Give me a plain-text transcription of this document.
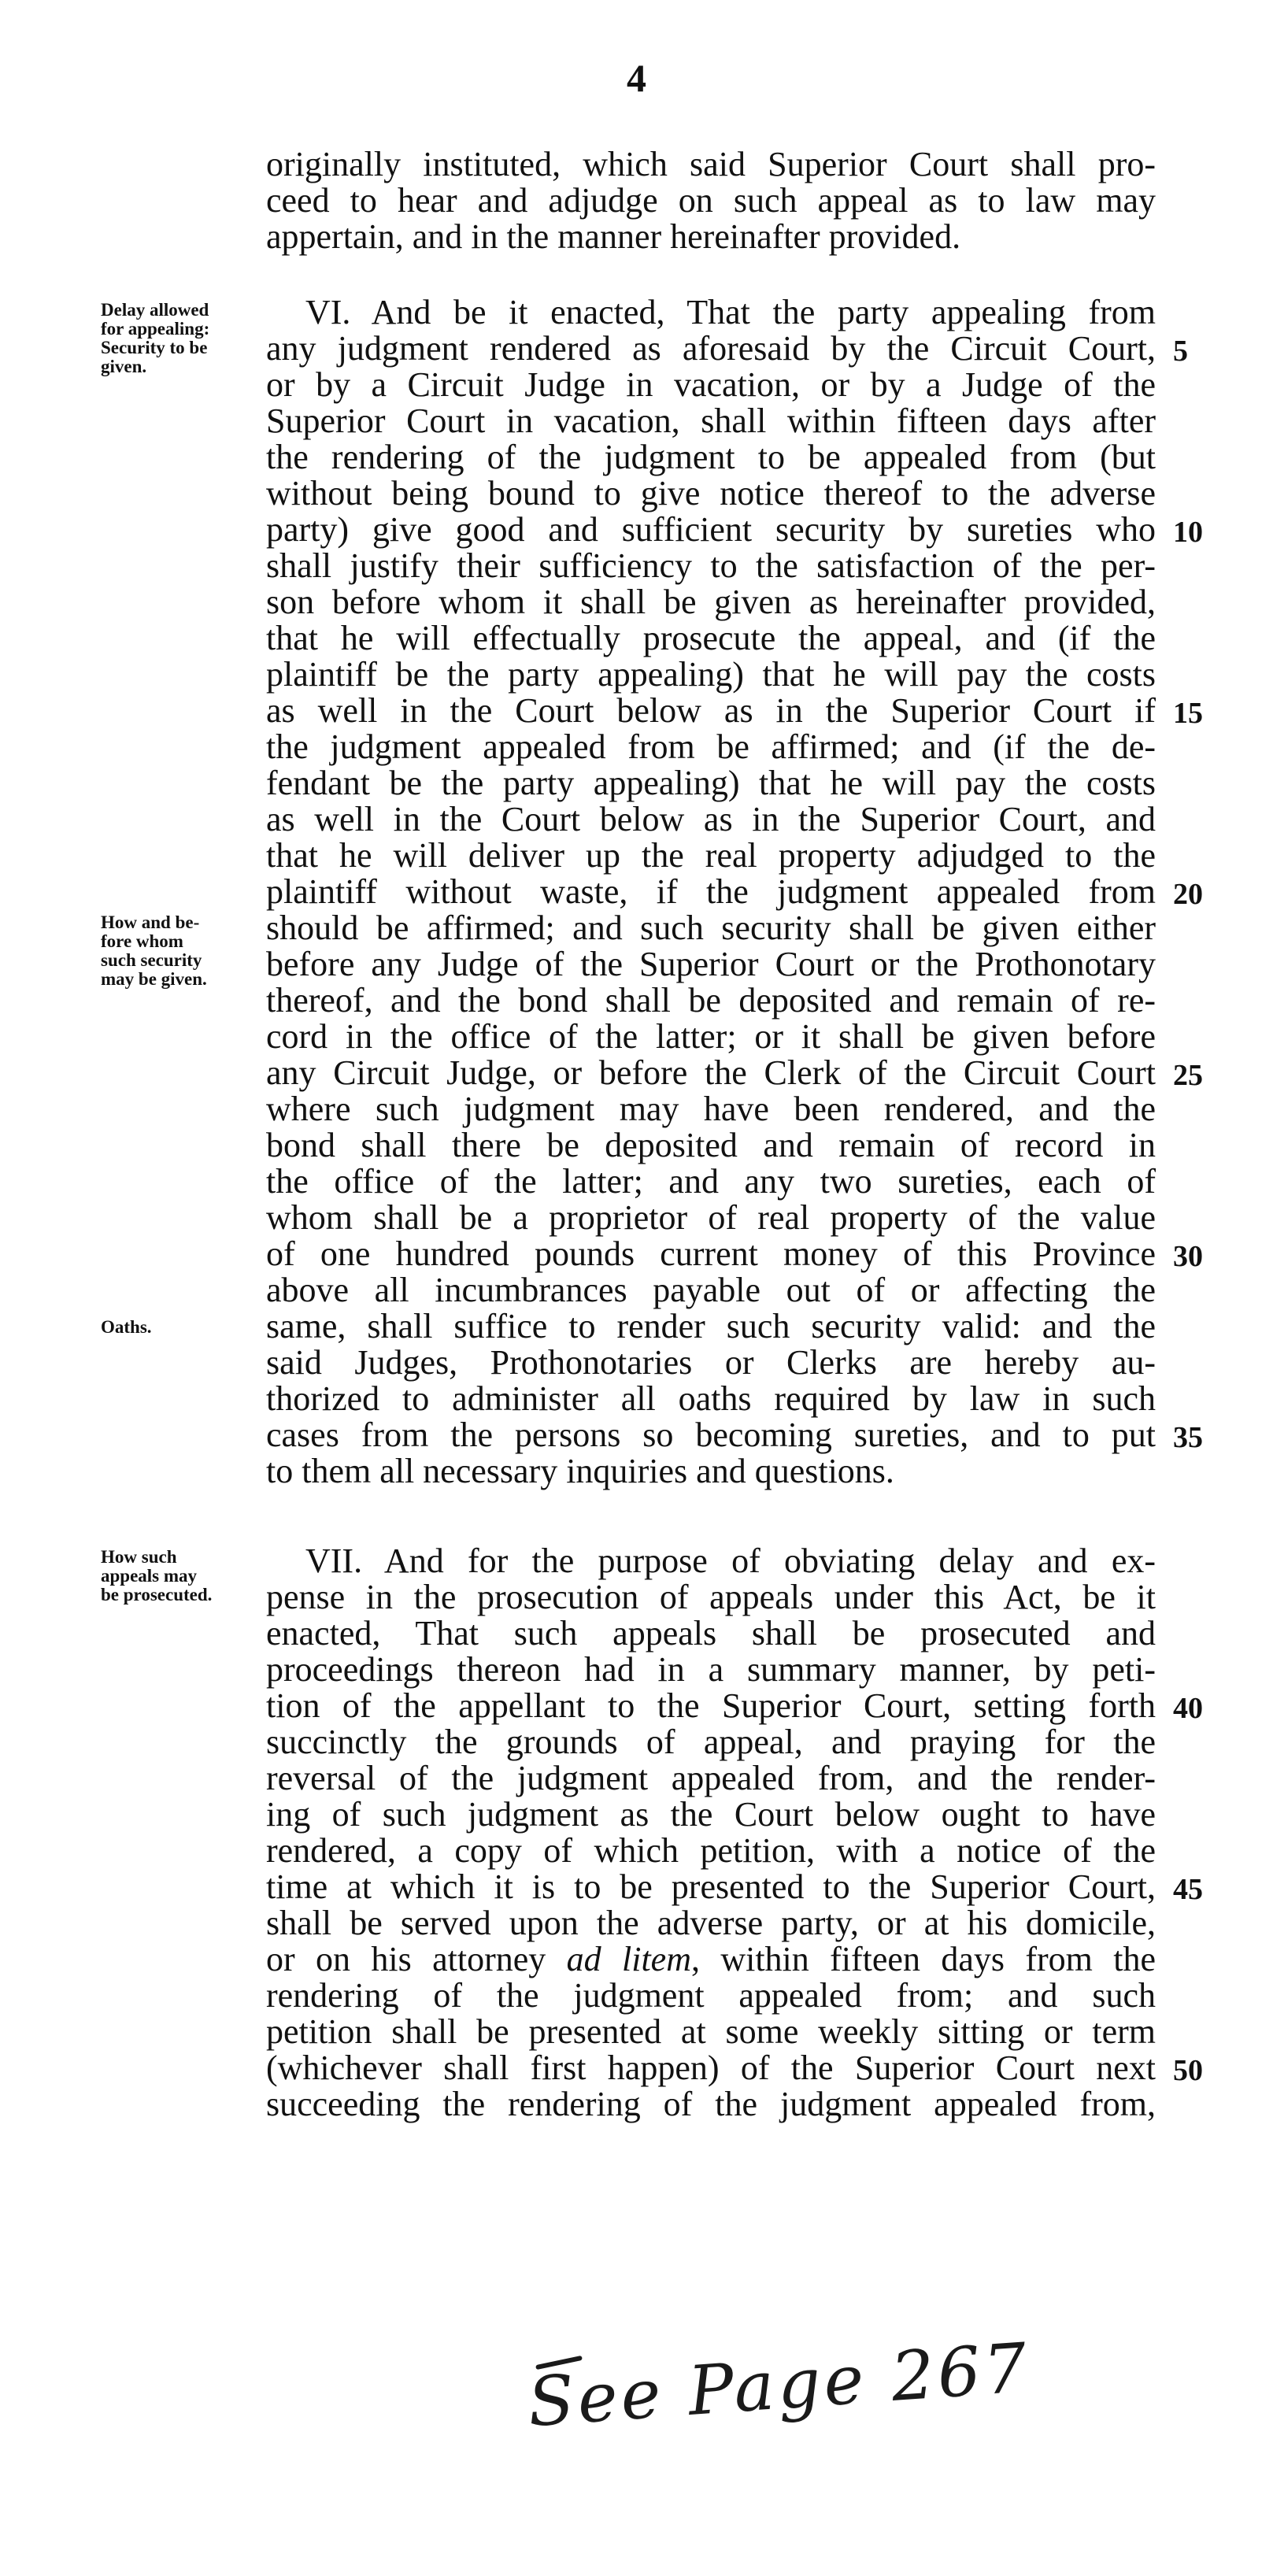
4
originally instituted, which said Superior Court shall pro-
ceed to hear and adjudge on such appeal as to law may
appertain, and in the manner hereinafter provided.
VI. And be it enacted, That the party appealing from
any judgment rendered as aforesaid by the Circuit Court,
or by a Circuit Judge in vacation, or by a Judge of the
Superior Court in vacation, shall within fifteen days after
the rendering of the judgment to be appealed from (but
without being bound to give notice thereof to the adverse
party) give good and sufficient security by sureties who
shall justify their sufficiency to the satisfaction of the per-
son before whom it shall be given as hereinafter provided,
that he will effectually prosecute the appeal, and (if the
plaintiff be the party appealing) that he will pay the costs
as well in the Court below as in the Superior Court if
the judgment appealed from be affirmed; and (if the de-
fendant be the party appealing) that he will pay the costs
as well in the Court below as in the Superior Court, and
that he will deliver up the real property adjudged to the
plaintiff without waste, if the judgment appealed from
should be affirmed; and such security shall be given either
before any Judge of the Superior Court or the Prothonotary
thereof, and the bond shall be deposited and remain of re-
cord in the office of the latter; or it shall be given before
any Circuit Judge, or before the Clerk of the Circuit Court
where such judgment may have been rendered, and the
bond shall there be deposited and remain of record in
the office of the latter; and any two sureties, each of
whom shall be a proprietor of real property of the value
of one hundred pounds current money of this Province
above all incumbrances payable out of or affecting the
same, shall suffice to render such security valid: and the
said Judges, Prothonotaries or Clerks are hereby au-
thorized to administer all oaths required by law in such
cases from the persons so becoming sureties, and to put
to them all necessary inquiries and questions.
VII. And for the purpose of obviating delay and ex-
pense in the prosecution of appeals under this Act, be it
enacted, That such appeals shall be prosecuted and
proceedings thereon had in a summary manner, by peti-
tion of the appellant to the Superior Court, setting forth
succinctly the grounds of appeal, and praying for the
reversal of the judgment appealed from, and the render-
ing of such judgment as the Court below ought to have
rendered, a copy of which petition, with a notice of the
time at which it is to be presented to the Superior Court,
shall be served upon the adverse party, or at his domicile,
or on his attorney ad litem, within fifteen days from the
rendering of the judgment appealed from; and such
petition shall be presented at some weekly sitting or term
(whichever shall first happen) of the Superior Court next
succeeding the rendering of the judgment appealed from,
Delay allowed
for appealing:
Security to be
given.
How and be-
fore whom
such security
may be given.
Oaths.
How such
appeals may
be prosecuted.
5
10
15
20
25
30
35
40
45
50
See Page 267
